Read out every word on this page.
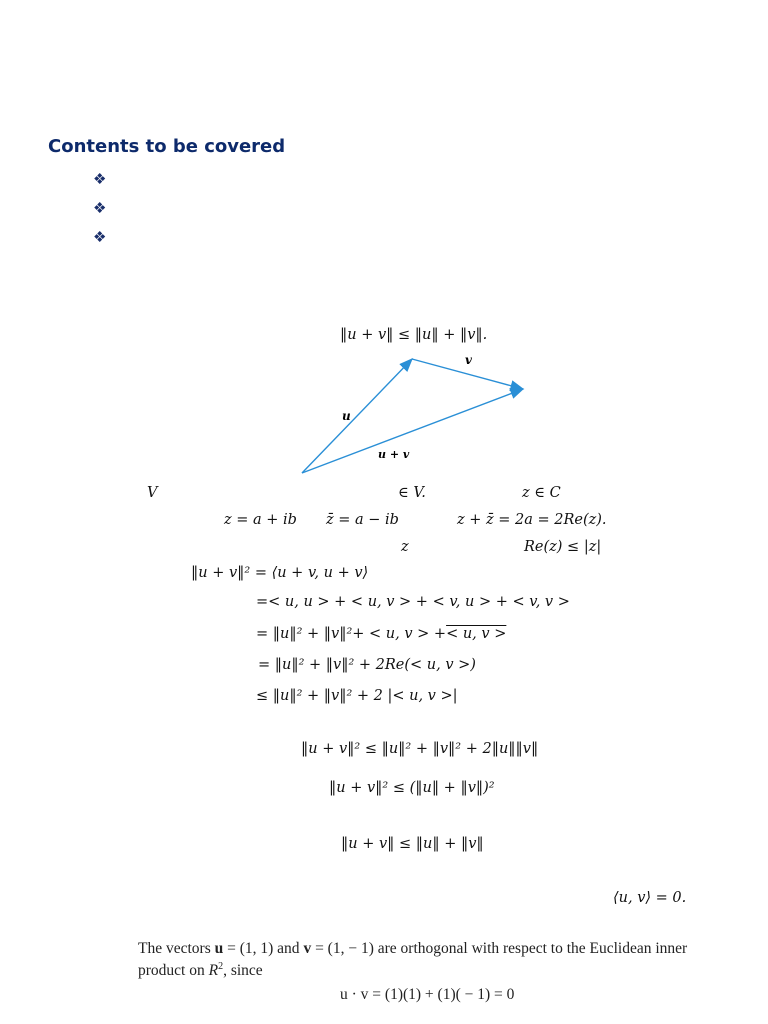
Contents to be covered
❖
❖
❖
‖u + v‖ ≤ ‖u‖ + ‖v‖.
v
u
u + v
V	∈ V.	z ∈ C
z = a + ib z̄ = a − ib	z + z̄ = 2a = 2Re(z).
z	Re(z) ≤ |z|
‖u + v‖² = ⟨u + v, u + v⟩
=< u, u > + < u, v > + < v, u > + < v, v >
= ‖u‖² + ‖v‖²+ < u, v > +< u, v >
= ‖u‖² + ‖v‖² + 2Re(< u, v >)
≤ ‖u‖² + ‖v‖² + 2 |< u, v >|
‖u + v‖² ≤ ‖u‖² + ‖v‖² + 2‖u‖‖v‖
‖u + v‖² ≤ (‖u‖ + ‖v‖)²
‖u + v‖ ≤ ‖u‖ + ‖v‖
⟨u, v⟩ = 0.
The vectors u = (1, 1) and v = (1, − 1) are orthogonal with respect to the Euclidean inner
product on $R^2$, since
u · v = (1)(1) + (1)( − 1) = 0
